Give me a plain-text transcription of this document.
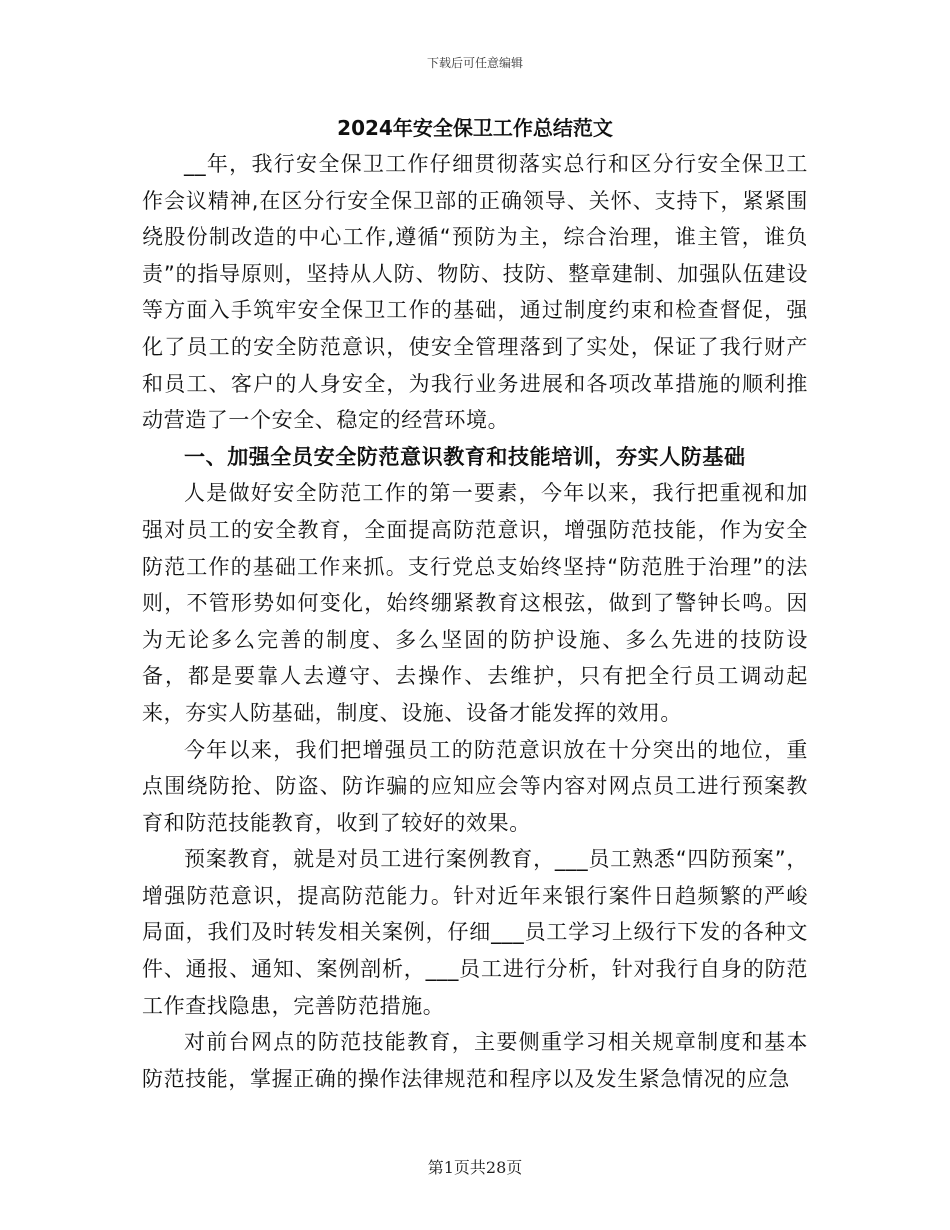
下载后可任意编辑
2024年安全保卫工作总结范文

__年，我行安全保卫工作仔细贯彻落实总行和区分行安全保卫工作会议精神,在区分行安全保卫部的正确领导、关怀、支持下，紧紧围绕股份制改造的中心工作,遵循“预防为主，综合治理，谁主管，谁负责”的指导原则，坚持从人防、物防、技防、整章建制、加强队伍建设等方面入手筑牢安全保卫工作的基础，通过制度约束和检查督促，强化了员工的安全防范意识，使安全管理落到了实处，保证了我行财产和员工、客户的人身安全，为我行业务进展和各项改革措施的顺利推动营造了一个安全、稳定的经营环境。

一、加强全员安全防范意识教育和技能培训，夯实人防基础

人是做好安全防范工作的第一要素，今年以来，我行把重视和加强对员工的安全教育，全面提高防范意识，增强防范技能，作为安全防范工作的基础工作来抓。支行党总支始终坚持“防范胜于治理”的法则，不管形势如何变化，始终绷紧教育这根弦，做到了警钟长鸣。因为无论多么完善的制度、多么坚固的防护设施、多么先进的技防设备，都是要靠人去遵守、去操作、去维护，只有把全行员工调动起来，夯实人防基础，制度、设施、设备才能发挥的效用。

今年以来，我们把增强员工的防范意识放在十分突出的地位，重点围绕防抢、防盗、防诈骗的应知应会等内容对网点员工进行预案教育和防范技能教育，收到了较好的效果。

预案教育，就是对员工进行案例教育，___员工熟悉“四防预案”，增强防范意识，提高防范能力。针对近年来银行案件日趋频繁的严峻局面，我们及时转发相关案例，仔细___员工学习上级行下发的各种文件、通报、通知、案例剖析，___员工进行分析，针对我行自身的防范工作查找隐患，完善防范措施。

对前台网点的防范技能教育，主要侧重学习相关规章制度和基本防范技能，掌握正确的操作法律规范和程序以及发生紧急情况的应急

第1页共28页
